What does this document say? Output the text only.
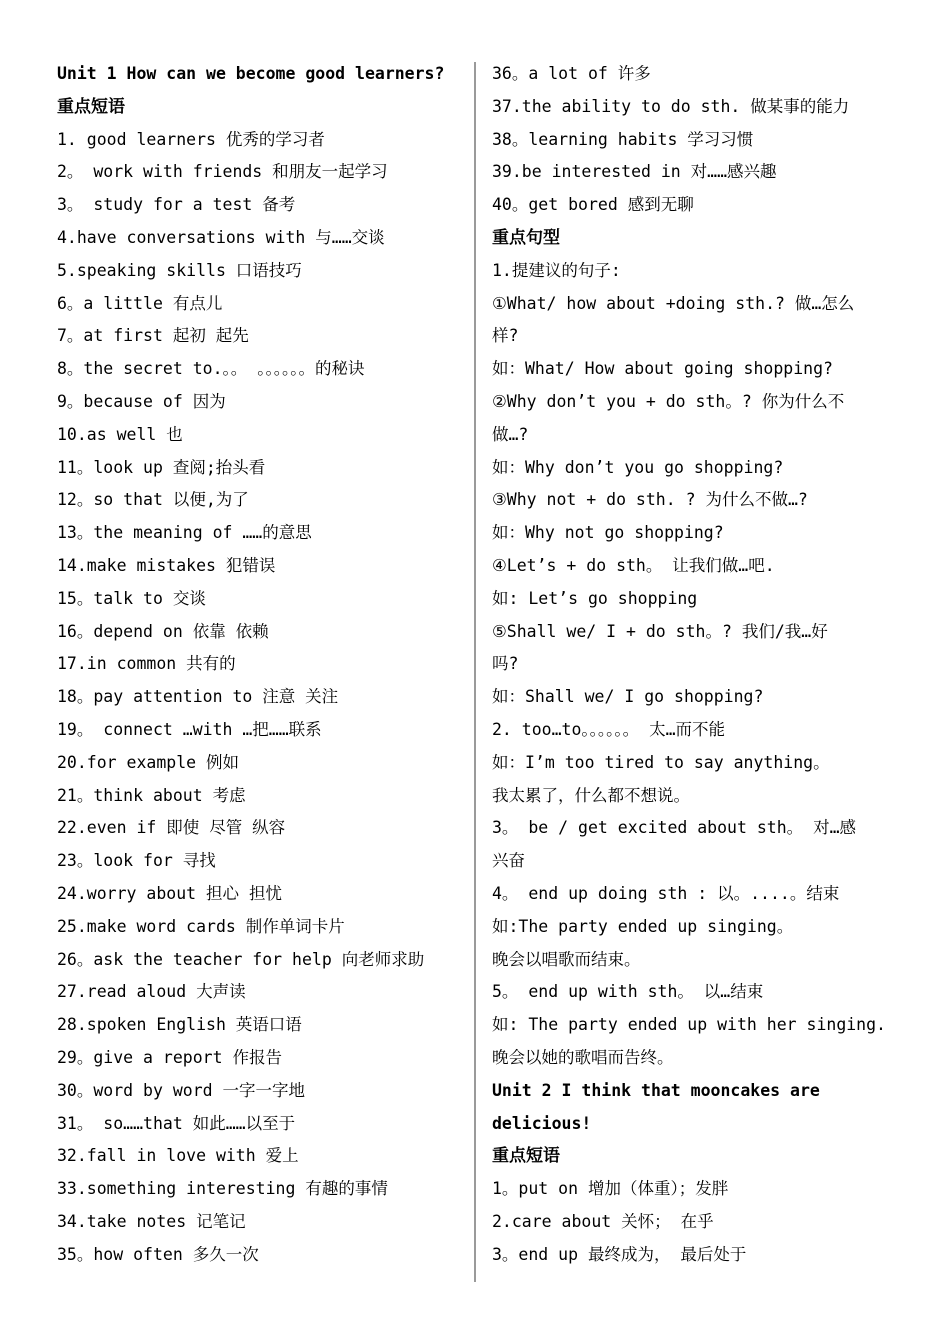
Unit 1 How can we become good learners?
重点短语
1. good learners 优秀的学习者
2。 work with friends 和朋友一起学习
3。 study for a test 备考
4.have conversations with 与……交谈
5.speaking skills 口语技巧
6。a little 有点儿
7。at first 起初 起先
8。the secret to.。。 。。。。。。的秘诀
9。because of 因为
10.as well 也
11。look up 查阅;抬头看
12。so that 以便,为了
13。the meaning of ……的意思
14.make mistakes 犯错误
15。talk to 交谈
16。depend on 依靠 依赖
17.in common 共有的
18。pay attention to 注意 关注
19。 connect …with …把……联系
20.for example 例如
21。think about 考虑
22.even if 即使 尽管 纵容
23。look for 寻找
24.worry about 担心 担忧
25.make word cards 制作单词卡片
26。ask the teacher for help 向老师求助
27.read aloud 大声读
28.spoken English 英语口语
29。give a report 作报告
30。word by word 一字一字地
31。 so……that 如此……以至于
32.fall in love with 爱上
33.something interesting 有趣的事情
34.take notes 记笔记
35。how often 多久一次
36。a lot of 许多
37.the ability to do sth. 做某事的能力
38。learning habits 学习习惯
39.be interested in 对……感兴趣
40。get bored 感到无聊
重点句型
1.提建议的句子:
①What/ how about +doing sth.? 做…怎么
样?
如：What/ How about going shopping?
②Why don’t you + do sth。? 你为什么不
做…?
如：Why don’t you go shopping?
③Why not + do sth. ? 为什么不做…?
如：Why not go shopping?
④Let’s + do sth。 让我们做…吧.
如: Let’s go shopping
⑤Shall we/ I + do sth。? 我们/我…好
吗?
如：Shall we/ I go shopping?
2. too…to。。。。。。 太…而不能
如：I’m too tired to say anything。
我太累了，什么都不想说。
3。 be / get excited about sth。 对…感
兴奋
4。 end up doing sth : 以。....。结束
如:The party ended up singing。
晚会以唱歌而结束。
5。 end up with sth。 以…结束
如: The party ended up with her singing.
晚会以她的歌唱而告终。
Unit 2 I think that mooncakes are
delicious!
重点短语
1。put on 增加（体重）；发胖
2.care about 关怀； 在乎
3。end up 最终成为， 最后处于
